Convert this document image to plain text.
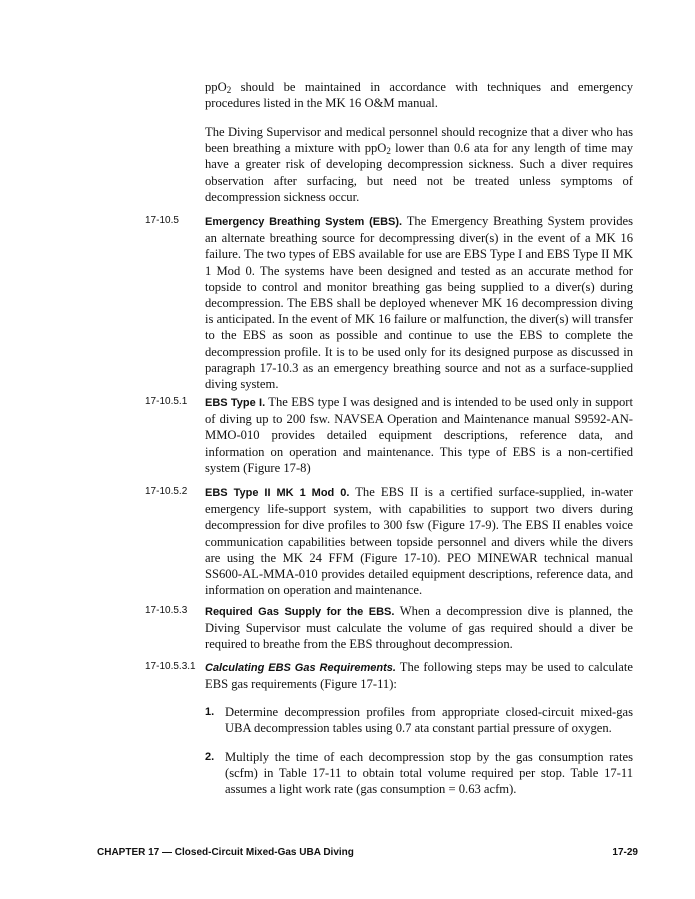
ppO$_2$ should be maintained in accordance with techniques and emergency procedures listed in the MK 16 O&M manual.

The Diving Supervisor and medical personnel should recognize that a diver who has been breathing a mixture with ppO$_2$ lower than 0.6 ata for any length of time may have a greater risk of developing decompression sickness. Such a diver requires observation after surfacing, but need not be treated unless symptoms of decompression sickness occur.

17-10.5 Emergency Breathing System (EBS). The Emergency Breathing System provides an alternate breathing source for decompressing diver(s) in the event of a MK 16 failure. The two types of EBS available for use are EBS Type I and EBS Type II MK 1 Mod 0. The systems have been designed and tested as an accurate method for topside to control and monitor breathing gas being supplied to a diver(s) during decompression. The EBS shall be deployed whenever MK 16 decompression diving is anticipated. In the event of MK 16 failure or malfunction, the diver(s) will transfer to the EBS as soon as possible and continue to use the EBS to complete the decompression profile. It is to be used only for its designed purpose as discussed in paragraph 17-10.3 as an emergency breathing source and not as a surface-supplied diving system.

17-10.5.1 EBS Type I. The EBS type I was designed and is intended to be used only in support of diving up to 200 fsw. NAVSEA Operation and Maintenance manual S9592-AN-MMO-010 provides detailed equipment descriptions, reference data, and information on operation and maintenance. This type of EBS is a non-certified system (Figure 17-8)

17-10.5.2 EBS Type II MK 1 Mod 0. The EBS II is a certified surface-supplied, in-water emergency life-support system, with capabilities to support two divers during decompression for dive profiles to 300 fsw (Figure 17-9). The EBS II enables voice communication capabilities between topside personnel and divers while the divers are using the MK 24 FFM (Figure 17-10). PEO MINEWAR technical manual SS600-AL-MMA-010 provides detailed equipment descriptions, reference data, and information on operation and maintenance.

17-10.5.3 Required Gas Supply for the EBS. When a decompression dive is planned, the Diving Supervisor must calculate the volume of gas required should a diver be required to breathe from the EBS throughout decompression.

17-10.5.3.1 Calculating EBS Gas Requirements. The following steps may be used to calculate EBS gas requirements (Figure 17-11):

1. Determine decompression profiles from appropriate closed-circuit mixed-gas UBA decompression tables using 0.7 ata constant partial pressure of oxygen.
2. Multiply the time of each decompression stop by the gas consumption rates (scfm) in Table 17-11 to obtain total volume required per stop. Table 17-11 assumes a light work rate (gas consumption = 0.63 acfm).
CHAPTER 17 — Closed-Circuit Mixed-Gas UBA Diving	17-29
